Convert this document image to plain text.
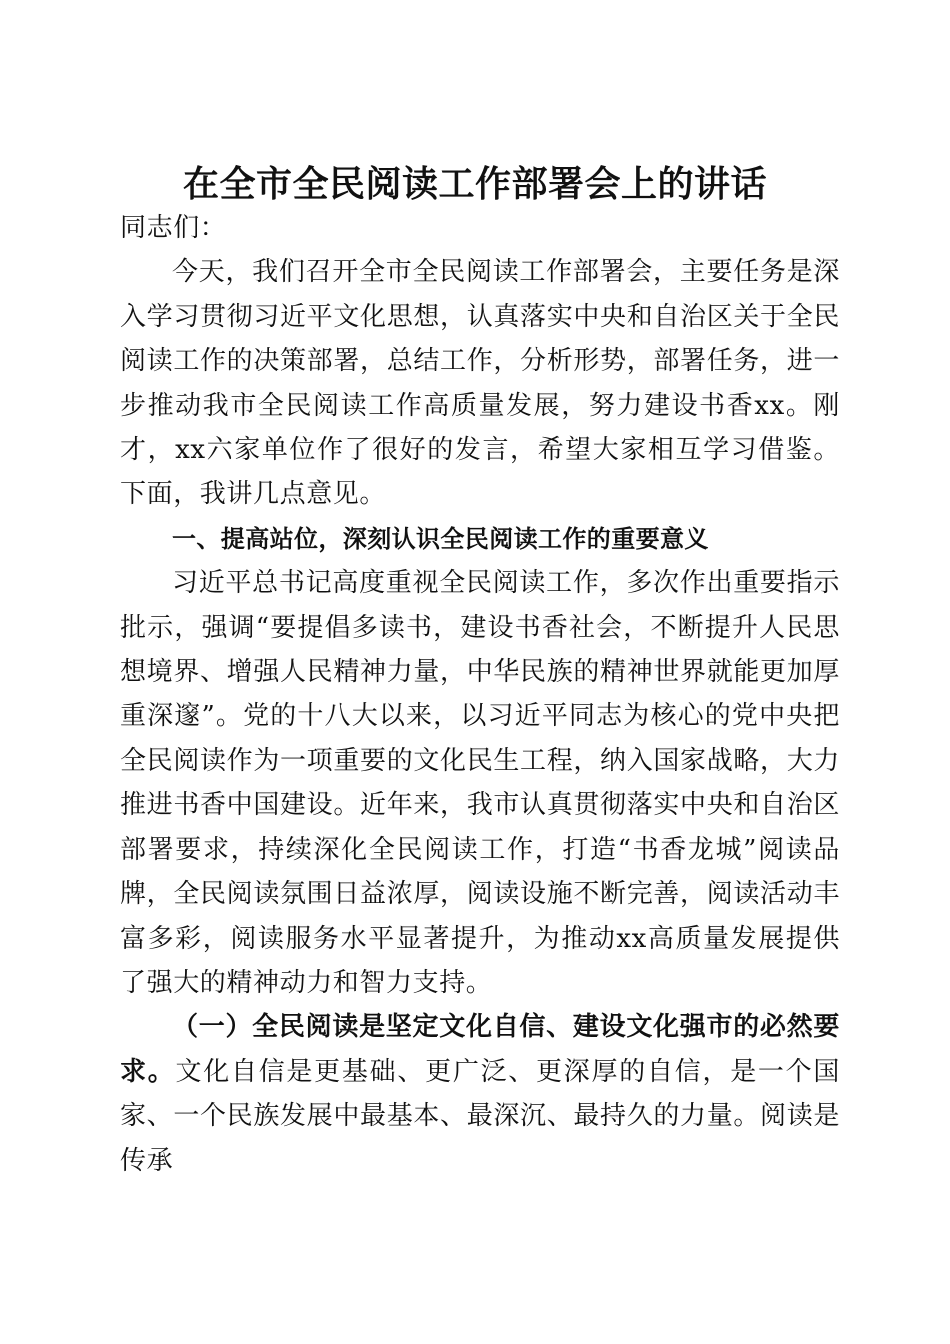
在全市全民阅读工作部署会上的讲话

同志们：

今天，我们召开全市全民阅读工作部署会，主要任务是深入学习贯彻习近平文化思想，认真落实中央和自治区关于全民阅读工作的决策部署，总结工作，分析形势，部署任务，进一步推动我市全民阅读工作高质量发展，努力建设书香xx。刚才，xx六家单位作了很好的发言，希望大家相互学习借鉴。下面，我讲几点意见。

一、提高站位，深刻认识全民阅读工作的重要意义

习近平总书记高度重视全民阅读工作，多次作出重要指示批示，强调“要提倡多读书，建设书香社会，不断提升人民思想境界、增强人民精神力量，中华民族的精神世界就能更加厚重深邃”。党的十八大以来，以习近平同志为核心的党中央把全民阅读作为一项重要的文化民生工程，纳入国家战略，大力推进书香中国建设。近年来，我市认真贯彻落实中央和自治区部署要求，持续深化全民阅读工作，打造“书香龙城”阅读品牌，全民阅读氛围日益浓厚，阅读设施不断完善，阅读活动丰富多彩，阅读服务水平显著提升，为推动xx高质量发展提供了强大的精神动力和智力支持。

（一）全民阅读是坚定文化自信、建设文化强市的必然要求。文化自信是更基础、更广泛、更深厚的自信，是一个国家、一个民族发展中最基本、最深沉、最持久的力量。阅读是传承
